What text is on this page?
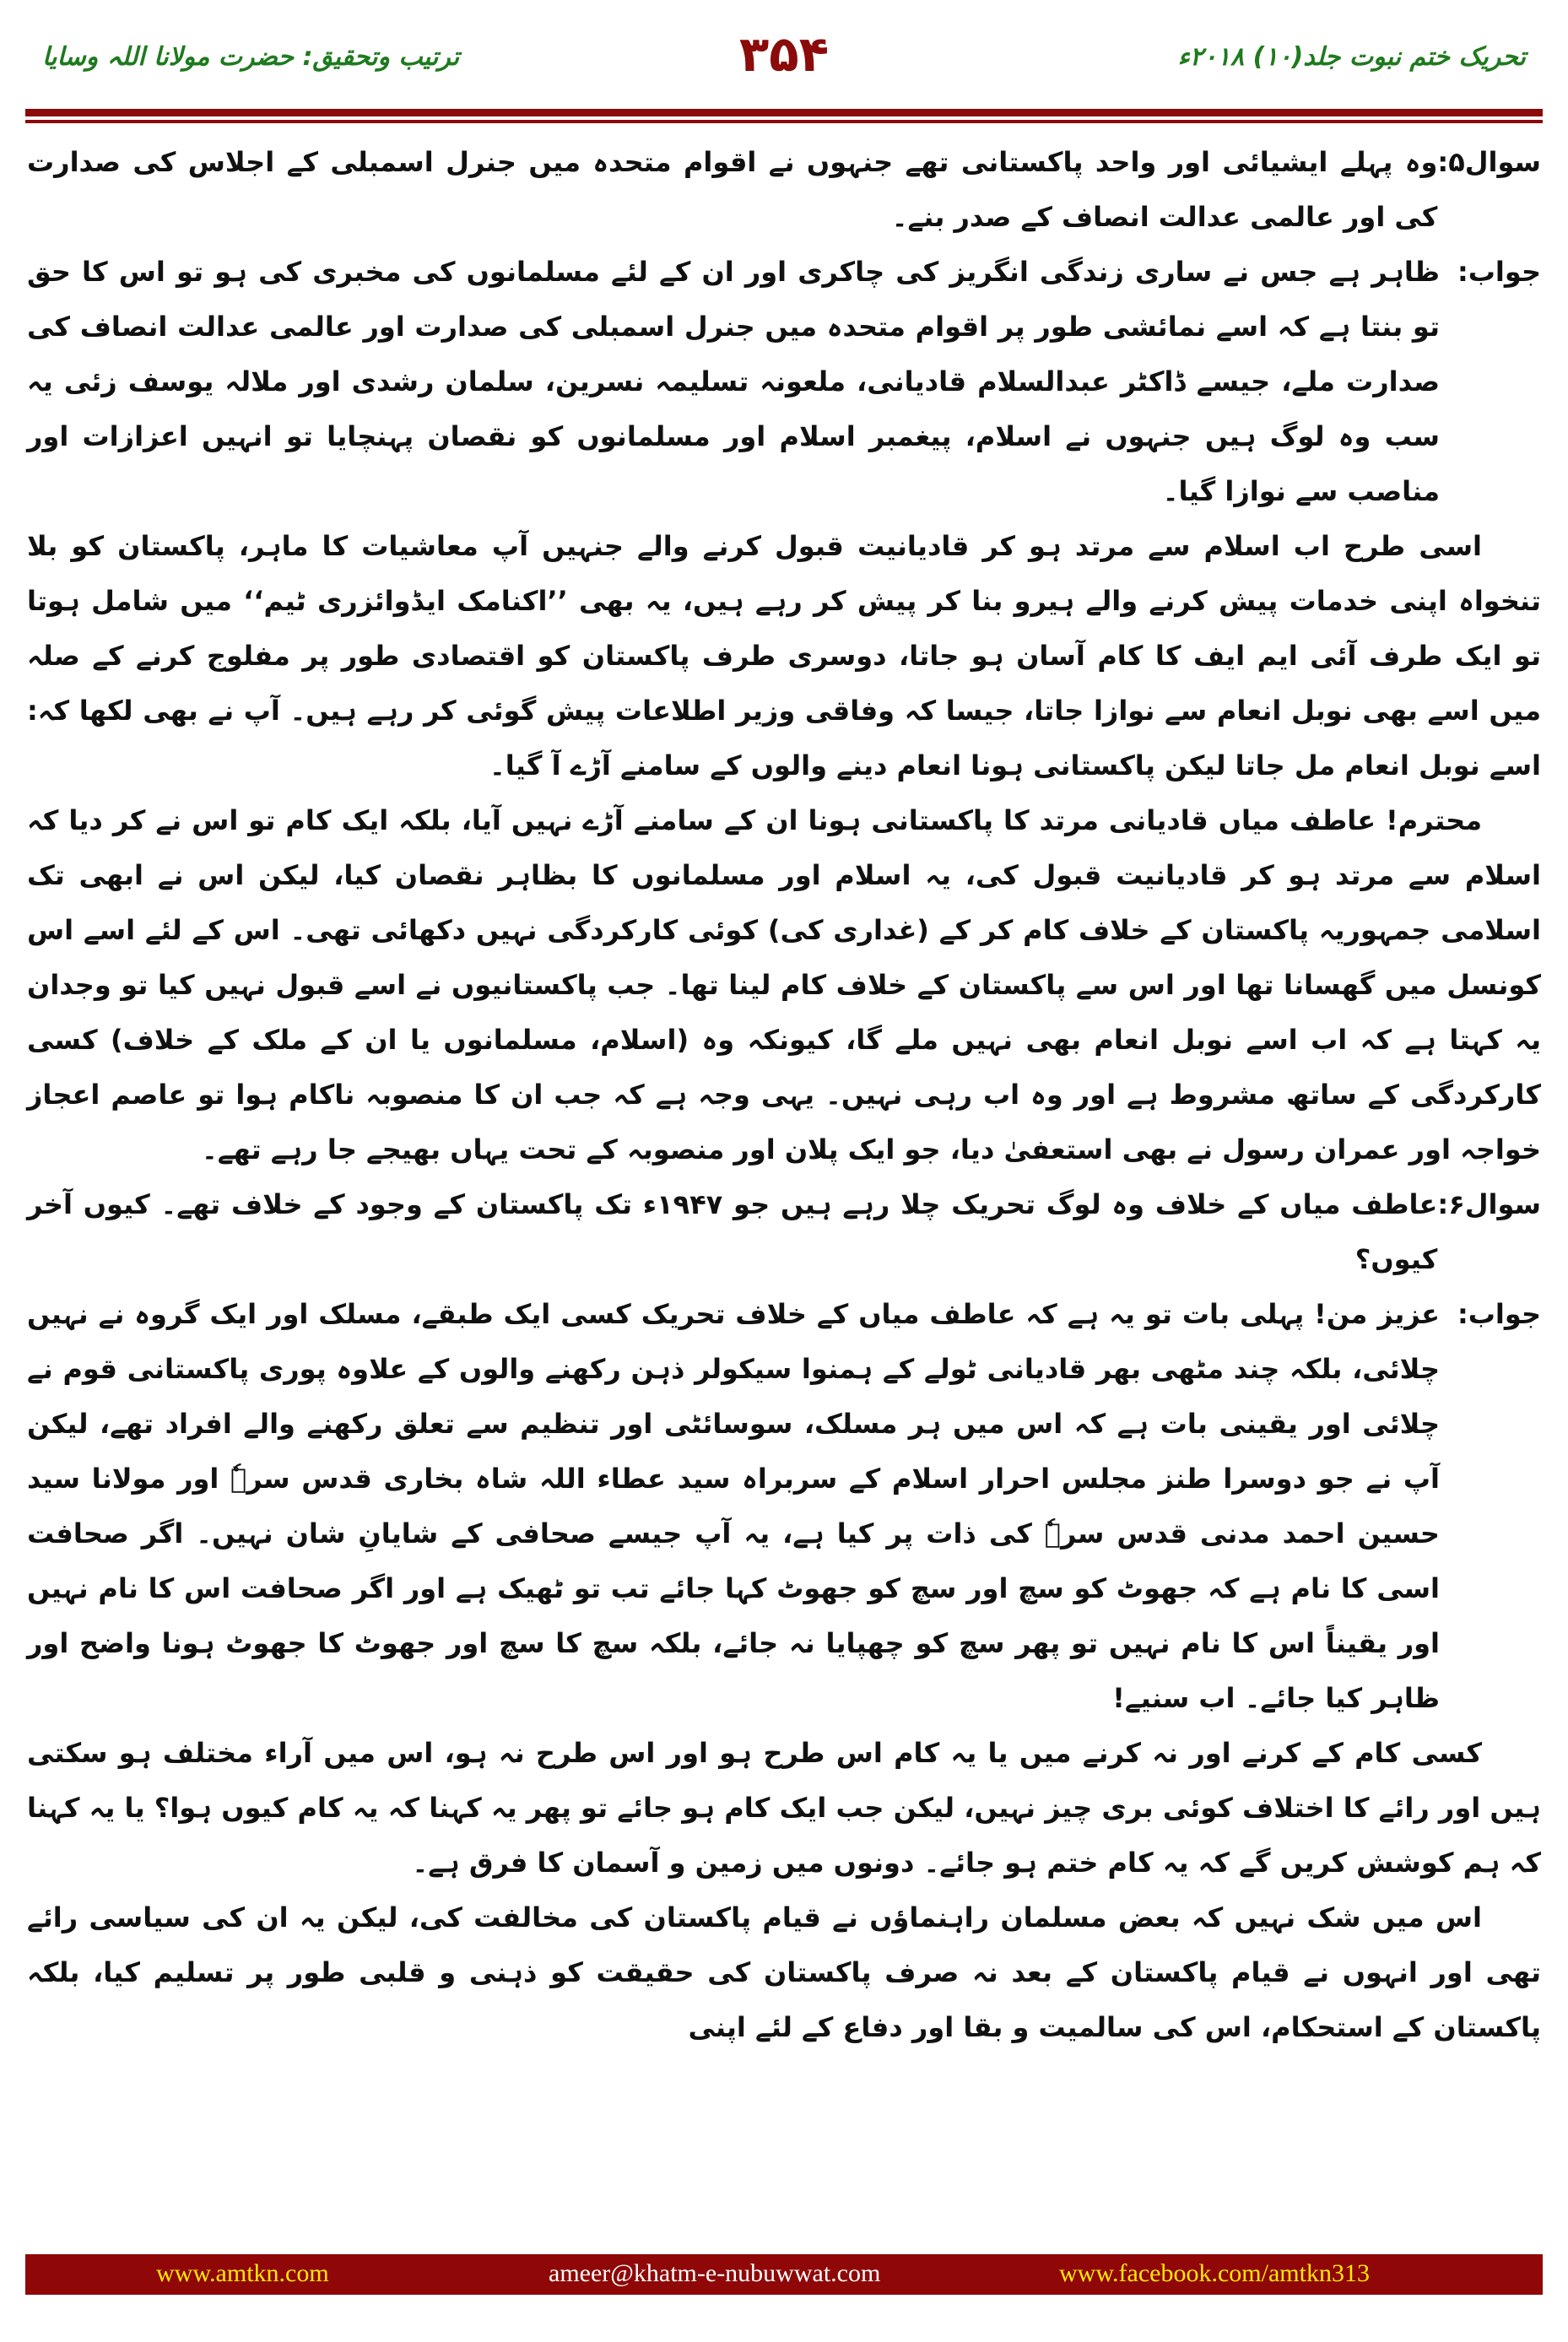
ترتیب وتحقیق: حضرت مولانا اللہ وسایا	۳۵۴	تحریک ختم نبوت جلد(۱۰) ۲۰۱۸ء
سوال۵:
وہ پہلے ایشیائی اور واحد پاکستانی تھے جنہوں نے اقوام متحدہ میں جنرل اسمبلی کے اجلاس کی صدارت کی اور عالمی عدالت انصاف کے صدر بنے۔
جواب:
ظاہر ہے جس نے ساری زندگی انگریز کی چاکری اور ان کے لئے مسلمانوں کی مخبری کی ہو تو اس کا حق تو بنتا ہے کہ اسے نمائشی طور پر اقوام متحدہ میں جنرل اسمبلی کی صدارت اور عالمی عدالت انصاف کی صدارت ملے، جیسے ڈاکٹر عبدالسلام قادیانی، ملعونہ تسلیمہ نسرین، سلمان رشدی اور ملالہ یوسف زئی یہ سب وہ لوگ ہیں جنہوں نے اسلام، پیغمبر اسلام اور مسلمانوں کو نقصان پہنچایا تو انہیں اعزازات اور مناصب سے نوازا گیا۔

اسی طرح اب اسلام سے مرتد ہو کر قادیانیت قبول کرنے والے جنہیں آپ معاشیات کا ماہر، پاکستان کو بلا تنخواہ اپنی خدمات پیش کرنے والے ہیرو بنا کر پیش کر رہے ہیں، یہ بھی ’’اکنامک ایڈوائزری ٹیم‘‘ میں شامل ہوتا تو ایک طرف آئی ایم ایف کا کام آسان ہو جاتا، دوسری طرف پاکستان کو اقتصادی طور پر مفلوج کرنے کے صلہ میں اسے بھی نوبل انعام سے نوازا جاتا، جیسا کہ وفاقی وزیر اطلاعات پیش گوئی کر رہے ہیں۔ آپ نے بھی لکھا کہ: اسے نوبل انعام مل جاتا لیکن پاکستانی ہونا انعام دینے والوں کے سامنے آڑے آ گیا۔

محترم! عاطف میاں قادیانی مرتد کا پاکستانی ہونا ان کے سامنے آڑے نہیں آیا، بلکہ ایک کام تو اس نے کر دیا کہ اسلام سے مرتد ہو کر قادیانیت قبول کی، یہ اسلام اور مسلمانوں کا بظاہر نقصان کیا، لیکن اس نے ابھی تک اسلامی جمہوریہ پاکستان کے خلاف کام کر کے (غداری کی) کوئی کارکردگی نہیں دکھائی تھی۔ اس کے لئے اسے اس کونسل میں گھسانا تھا اور اس سے پاکستان کے خلاف کام لینا تھا۔ جب پاکستانیوں نے اسے قبول نہیں کیا تو وجدان یہ کہتا ہے کہ اب اسے نوبل انعام بھی نہیں ملے گا، کیونکہ وہ (اسلام، مسلمانوں یا ان کے ملک کے خلاف) کسی کارکردگی کے ساتھ مشروط ہے اور وہ اب رہی نہیں۔ یہی وجہ ہے کہ جب ان کا منصوبہ ناکام ہوا تو عاصم اعجاز خواجہ اور عمران رسول نے بھی استعفیٰ دیا، جو ایک پلان اور منصوبہ کے تحت یہاں بھیجے جا رہے تھے۔

سوال۶:
عاطف میاں کے خلاف وہ لوگ تحریک چلا رہے ہیں جو ۱۹۴۷ء تک پاکستان کے وجود کے خلاف تھے۔ کیوں آخر کیوں؟
جواب:
عزیز من! پہلی بات تو یہ ہے کہ عاطف میاں کے خلاف تحریک کسی ایک طبقے، مسلک اور ایک گروہ نے نہیں چلائی، بلکہ چند مٹھی بھر قادیانی ٹولے کے ہمنوا سیکولر ذہن رکھنے والوں کے علاوہ پوری پاکستانی قوم نے چلائی اور یقینی بات ہے کہ اس میں ہر مسلک، سوسائٹی اور تنظیم سے تعلق رکھنے والے افراد تھے، لیکن آپ نے جو دوسرا طنز مجلس احرار اسلام کے سربراہ سید عطاء اللہ شاہ بخاری قدس سرہٗ اور مولانا سید حسین احمد مدنی قدس سرہٗ کی ذات پر کیا ہے، یہ آپ جیسے صحافی کے شایانِ شان نہیں۔ اگر صحافت اسی کا نام ہے کہ جھوٹ کو سچ اور سچ کو جھوٹ کہا جائے تب تو ٹھیک ہے اور اگر صحافت اس کا نام نہیں اور یقیناً اس کا نام نہیں تو پھر سچ کو چھپایا نہ جائے، بلکہ سچ کا سچ اور جھوٹ کا جھوٹ ہونا واضح اور ظاہر کیا جائے۔ اب سنیے!

کسی کام کے کرنے اور نہ کرنے میں یا یہ کام اس طرح ہو اور اس طرح نہ ہو، اس میں آراء مختلف ہو سکتی ہیں اور رائے کا اختلاف کوئی بری چیز نہیں، لیکن جب ایک کام ہو جائے تو پھر یہ کہنا کہ یہ کام کیوں ہوا؟ یا یہ کہنا کہ ہم کوشش کریں گے کہ یہ کام ختم ہو جائے۔ دونوں میں زمین و آسمان کا فرق ہے۔

اس میں شک نہیں کہ بعض مسلمان راہنماؤں نے قیام پاکستان کی مخالفت کی، لیکن یہ ان کی سیاسی رائے تھی اور انہوں نے قیام پاکستان کے بعد نہ صرف پاکستان کی حقیقت کو ذہنی و قلبی طور پر تسلیم کیا، بلکہ پاکستان کے استحکام، اس کی سالمیت و بقا اور دفاع کے لئے اپنی

www.amtkn.com	ameer@khatm-e-nubuwwat.com	www.facebook.com/amtkn313
